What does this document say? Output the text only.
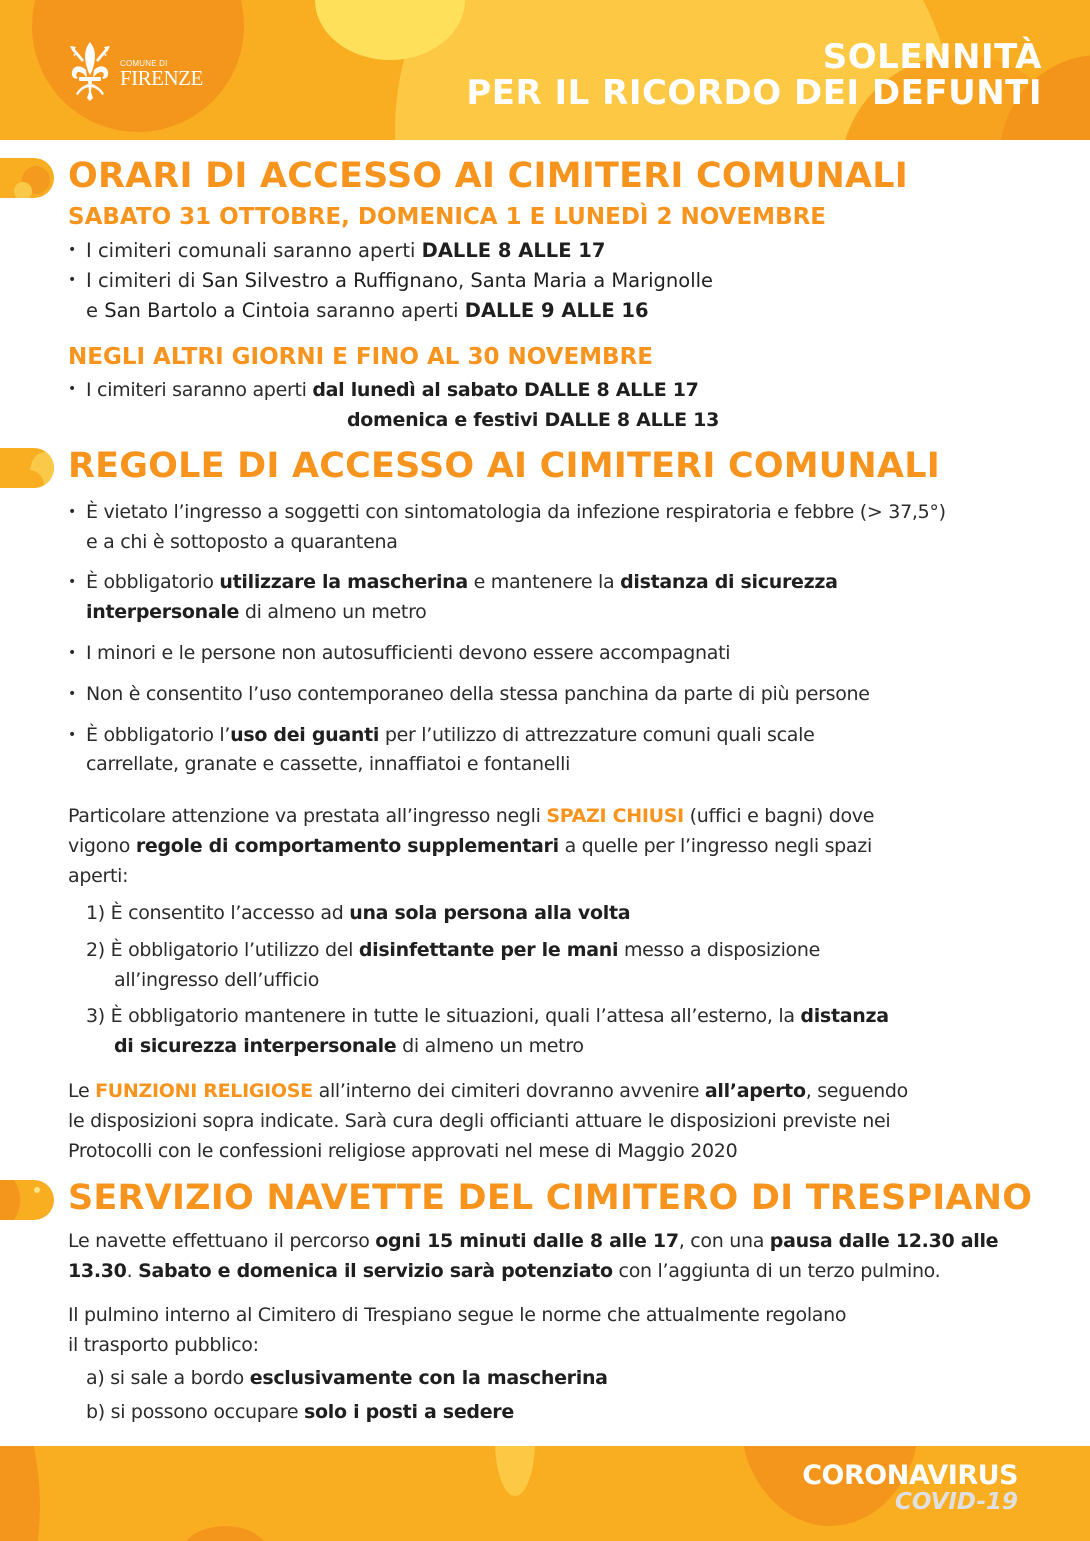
COMUNE DI
FIRENZE
SOLENNITÀ
PER IL RICORDO DEI DEFUNTI
ORARI DI ACCESSO AI CIMITERI COMUNALI
SABATO 31 OTTOBRE, DOMENICA 1 E LUNEDÌ 2 NOVEMBRE
• I cimiteri comunali saranno aperti DALLE 8 ALLE 17
• I cimiteri di San Silvestro a Ruffignano, Santa Maria a Marignolle
e San Bartolo a Cintoia saranno aperti DALLE 9 ALLE 16
NEGLI ALTRI GIORNI E FINO AL 30 NOVEMBRE
• I cimiteri saranno aperti dal lunedì al sabato DALLE 8 ALLE 17
domenica e festivi DALLE 8 ALLE 13
REGOLE DI ACCESSO AI CIMITERI COMUNALI
• È vietato l’ingresso a soggetti con sintomatologia da infezione respiratoria e febbre (> 37,5°)
e a chi è sottoposto a quarantena
• È obbligatorio utilizzare la mascherina e mantenere la distanza di sicurezza
interpersonale di almeno un metro
• I minori e le persone non autosufficienti devono essere accompagnati
• Non è consentito l’uso contemporaneo della stessa panchina da parte di più persone
• È obbligatorio l’uso dei guanti per l’utilizzo di attrezzature comuni quali scale
carrellate, granate e cassette, innaffiatoi e fontanelli
Particolare attenzione va prestata all’ingresso negli SPAZI CHIUSI (uffici e bagni) dove
vigono regole di comportamento supplementari a quelle per l’ingresso negli spazi
aperti:
1) È consentito l’accesso ad una sola persona alla volta
2) È obbligatorio l’utilizzo del disinfettante per le mani messo a disposizione
all’ingresso dell’ufficio
3) È obbligatorio mantenere in tutte le situazioni, quali l’attesa all’esterno, la distanza
di sicurezza interpersonale di almeno un metro
Le FUNZIONI RELIGIOSE all’interno dei cimiteri dovranno avvenire all’aperto, seguendo
le disposizioni sopra indicate. Sarà cura degli officianti attuare le disposizioni previste nei
Protocolli con le confessioni religiose approvati nel mese di Maggio 2020
SERVIZIO NAVETTE DEL CIMITERO DI TRESPIANO
Le navette effettuano il percorso ogni 15 minuti dalle 8 alle 17, con una pausa dalle 12.30 alle
13.30. Sabato e domenica il servizio sarà potenziato con l’aggiunta di un terzo pulmino.
Il pulmino interno al Cimitero di Trespiano segue le norme che attualmente regolano
il trasporto pubblico:
a) si sale a bordo esclusivamente con la mascherina
b) si possono occupare solo i posti a sedere
CORONAVIRUS
COVID-19
